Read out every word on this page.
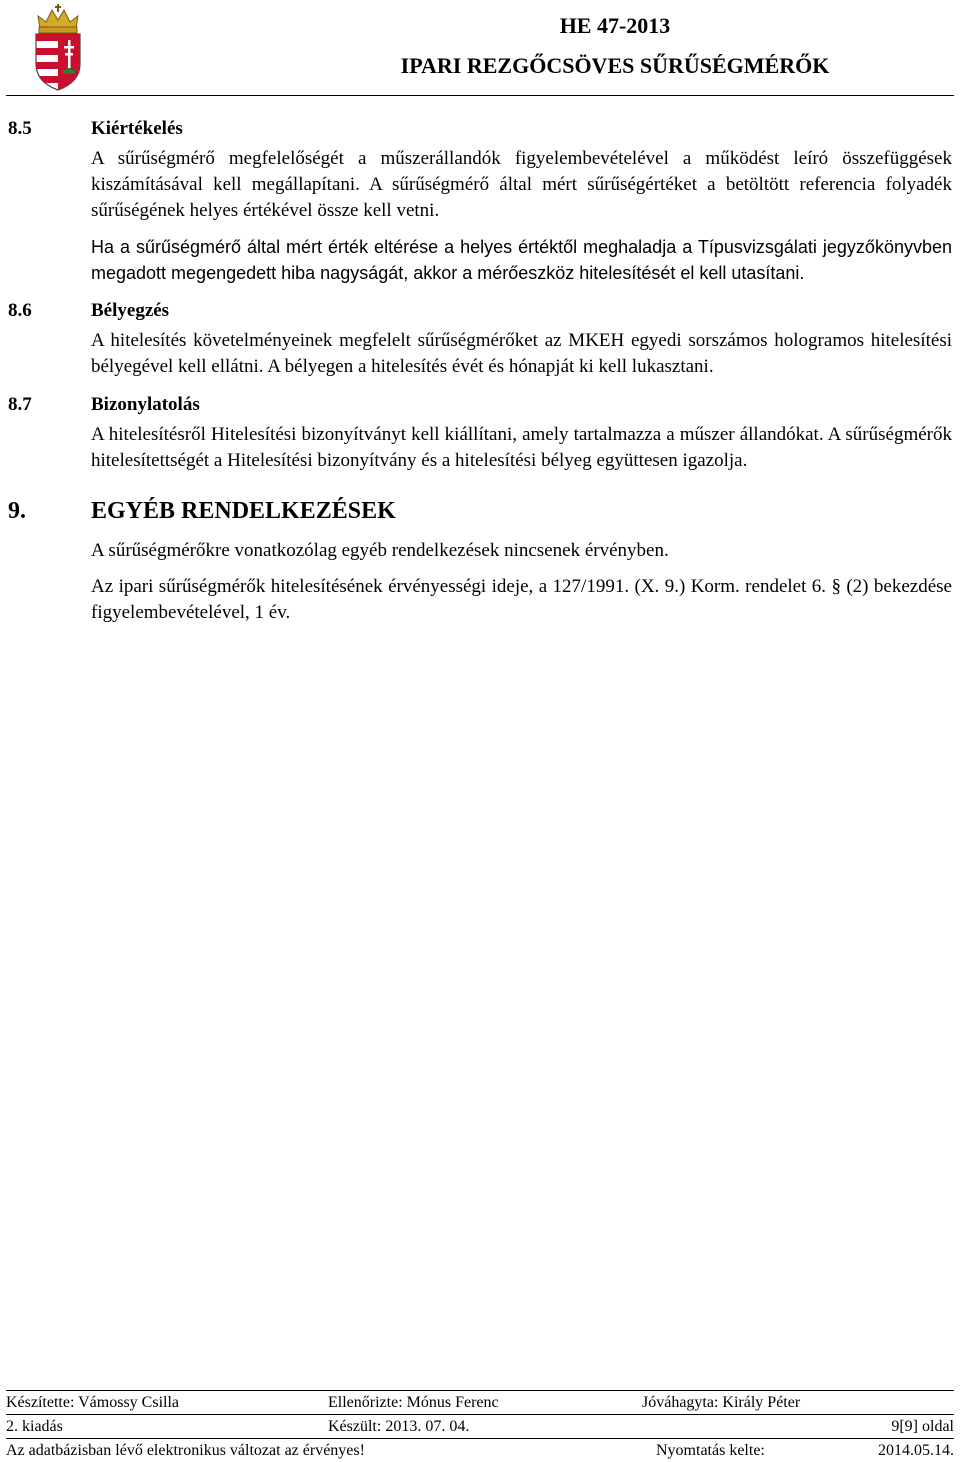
HE 47-2013
IPARI REZGŐCSÖVES SŰRŰSÉGMÉRŐK
8.5	Kiértékelés

A sűrűségmérő megfelelőségét a műszerállandók figyelembevételével a működést leíró összefüggések kiszámításával kell megállapítani. A sűrűségmérő által mért sűrűségértéket a betöltött referencia folyadék sűrűségének helyes értékével össze kell vetni.

Ha a sűrűségmérő által mért érték eltérése a helyes értéktől meghaladja a Típusvizsgálati jegyzőkönyvben megadott megengedett hiba nagyságát, akkor a mérőeszköz hitelesítését el kell utasítani.

8.6	Bélyegzés

A hitelesítés követelményeinek megfelelt sűrűségmérőket az MKEH egyedi sorszámos hologramos hitelesítési bélyegével kell ellátni. A bélyegen a hitelesítés évét és hónapját ki kell lukasztani.

8.7	Bizonylatolás

A hitelesítésről Hitelesítési bizonyítványt kell kiállítani, amely tartalmazza a műszer állandókat. A sűrűségmérők hitelesítettségét a Hitelesítési bizonyítvány és a hitelesítési bélyeg együttesen igazolja.

9.	EGYÉB RENDELKEZÉSEK

A sűrűségmérőkre vonatkozólag egyéb rendelkezések nincsenek érvényben.

Az ipari sűrűségmérők hitelesítésének érvényességi ideje, a 127/1991. (X. 9.) Korm. rendelet 6. § (2) bekezdése figyelembevételével, 1 év.

Készítette: Vámossy Csilla	Ellenőrizte: Mónus Ferenc	Jóváhagyta: Király Péter
2. kiadás	Készült: 2013. 07. 04.	9[9] oldal
Az adatbázisban lévő elektronikus változat az érvényes!	Nyomtatás kelte:	2014.05.14.
